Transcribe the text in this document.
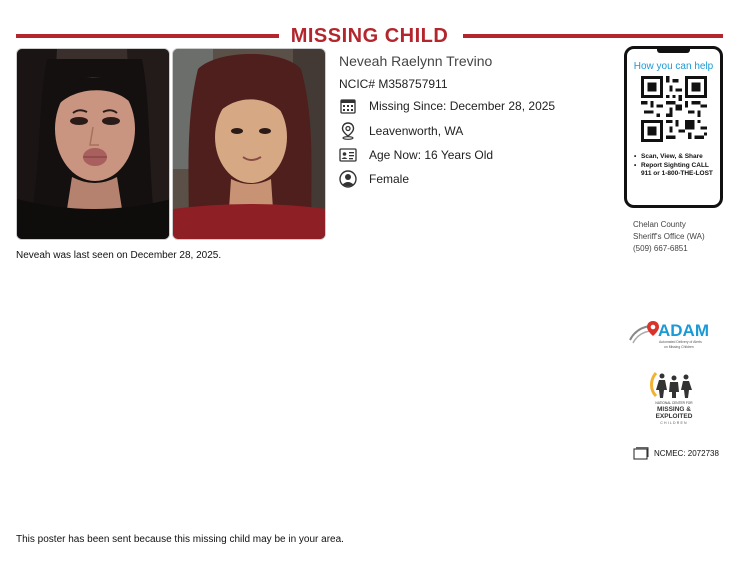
MISSING CHILD
Neveah was last seen on December 28, 2025.
Neveah Raelynn Trevino
NCIC# M358757911
Missing Since: December 28, 2025
Leavenworth, WA
Age Now: 16 Years Old
Female
How you can help
• Scan, View, & Share
• Report Sighting CALL 911 or 1-800-THE-LOST
Chelan County
Sheriff's Office (WA)
(509) 667-6851
ADAM
Automated Delivery of Alerts
on Missing Children
NATIONAL CENTER FOR
MISSING &
EXPLOITED
CHILDREN
NCMEC: 2072738
This poster has been sent because this missing child may be in your area.
